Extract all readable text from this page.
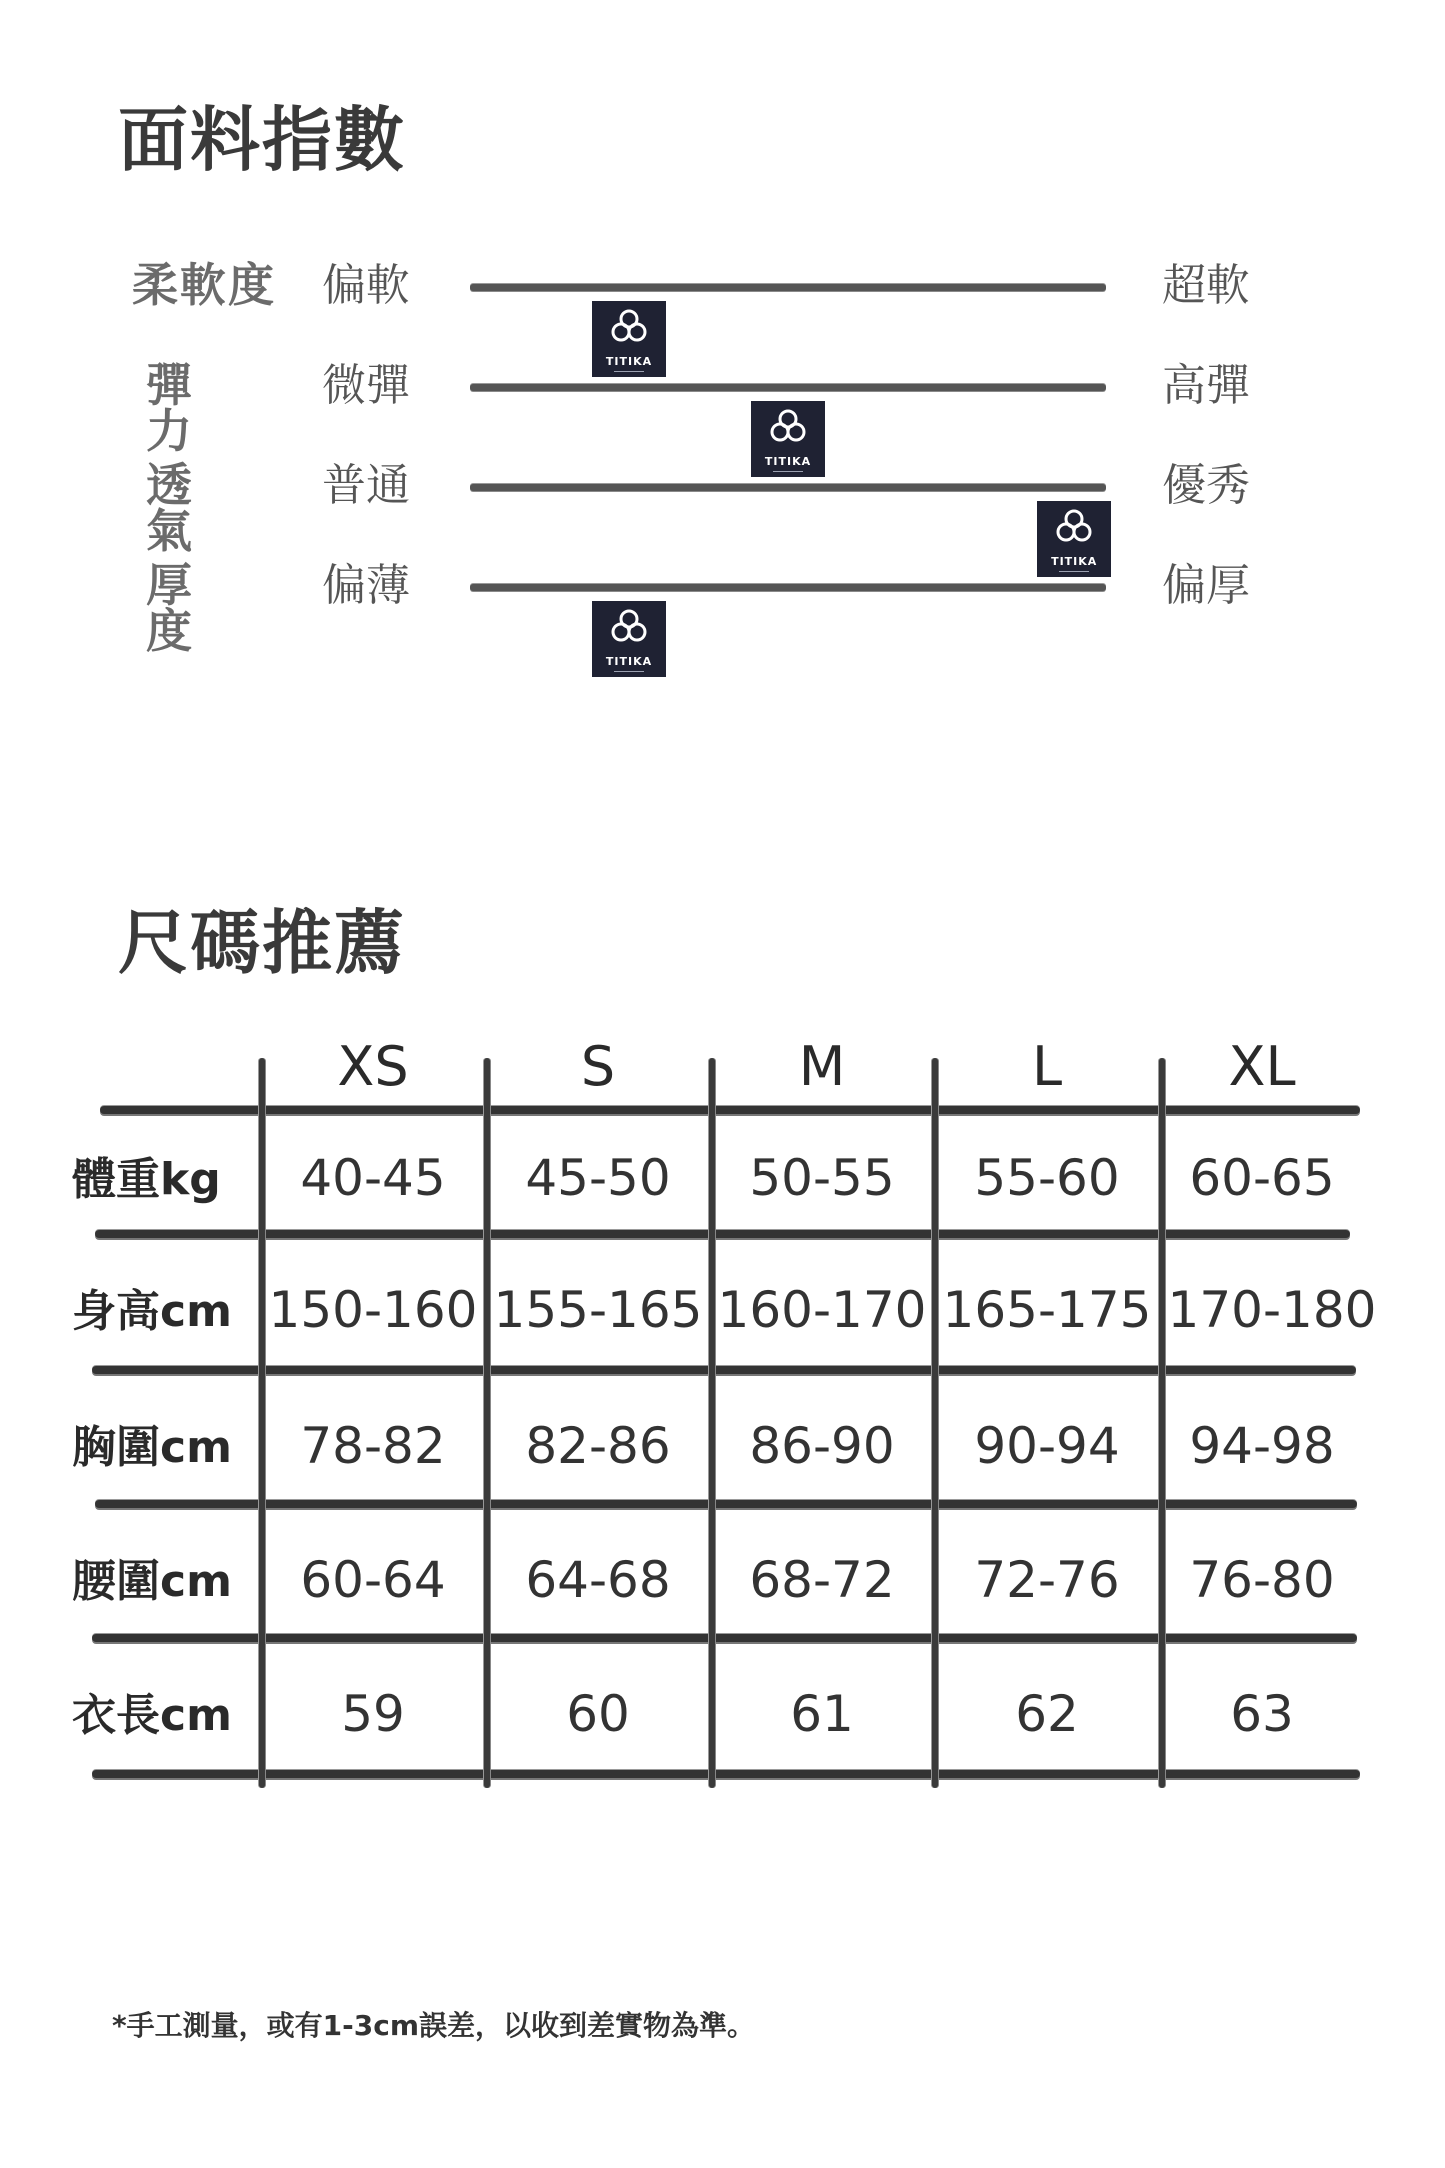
面料指數
柔軟度	偏軟
TITIKA
超軟
彈 力
微彈
TITIKA
高彈
透 氣
普通
TITIKA
優秀
厚 度
偏薄
TITIKA
偏厚
尺碼推薦
XS	S	M	L	XL
體重kg	40-45	45-50	50-55	55-60	60-65
身高cm 150-160 155-165 160-170 165-175 170-180
胸圍cm	78-82	82-86	86-90	90-94	94-98
腰圍cm	60-64	64-68	68-72	72-76	76-80
衣長cm	59	60	61	62	63
*手工測量，或有1-3cm誤差，以收到差實物為準。
